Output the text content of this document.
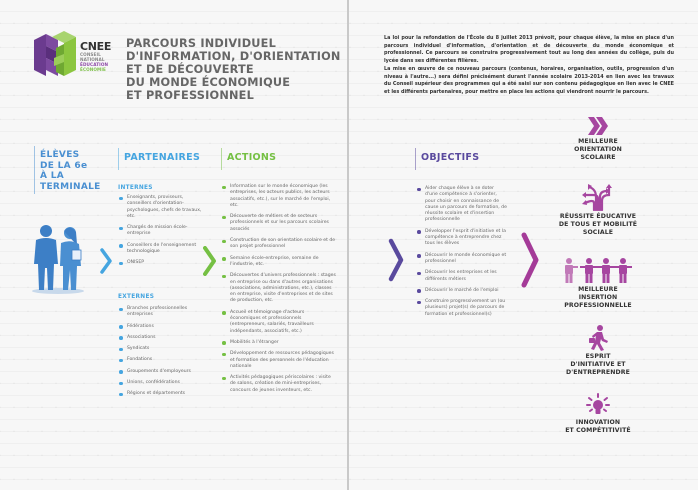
CNEE
CONSEIL
NATIONAL
ÉDUCATION
ÉCONOMIE
PARCOURS INDIVIDUEL
D'INFORMATION, D'ORIENTATION
ET DE DÉCOUVERTE
DU MONDE ÉCONOMIQUE
ET PROFESSIONNEL
ÉLÈVES
DE LA 6e
À LA
TERMINALE
PARTENAIRES
INTERNES
Enseignants, proviseurs, conseillers d'orientation-psychologues, chefs de travaux, etc.
Chargés de mission école-entreprise
Conseillers de l'enseignement technologique
ONISEP
EXTERNES
Branches professionnelles entreprises
Fédérations
Associations
Syndicats
Fondations
Groupements d'employeurs
Unions, confédérations
Régions et départements
ACTIONS
Information sur le monde économique (les entreprises, les acteurs publics, les acteurs associatifs, etc.), sur le marché de l'emploi, etc.
Découverte de métiers et de secteurs professionnels et sur les parcours scolaires associés
Construction de son orientation scolaire et de son projet professionnel
Semaine école-entreprise, semaine de l'industrie, etc.
Découvertes d'univers professionnels : stages en entreprise ou dans d'autres organisations (associations, administrations, etc.), classes en entreprise, visite d'entreprises et de sites de production, etc.
Accueil et témoignage d'acteurs économiques et professionnels (entrepreneurs, salariés, travailleurs indépendants, associatifs, etc.)
Mobilités à l'étranger
Développement de ressources pédagogiques et formation des personnels de l'éducation nationale
Activités pédagogiques périscolaires : visite de salons, création de mini-entreprises, concours de jeunes inventeurs, etc.

La loi pour la refondation de l'École du 8 juillet 2013 prévoit, pour chaque élève, la mise en place d'un parcours individuel d'information, d'orientation et de découverte du monde économique et professionnel. Ce parcours se construira progressivement tout au long des années du collège, puis du lycée dans ses différentes filières.

La mise en œuvre de ce nouveau parcours (contenus, horaires, organisation, outils, progression d'un niveau à l'autre...) sera défini précisément durant l'année scolaire 2013-2014 en lien avec les travaux du Conseil supérieur des programmes qui a été saisi sur son contenu pédagogique en lien avec le CNEE et les différents partenaires, pour mettre en place les actions qui viendront nourrir le parcours.

OBJECTIFS
Aider chaque élève à se doter d'une compétence à s'orienter, pour choisir en connaissance de cause un parcours de formation, de réussite scolaire et d'insertion professionnelle
Développer l'esprit d'initiative et la compétence à entreprendre chez tous les élèves
Découvrir le monde économique et professionnel
Découvrir les entreprises et les différents métiers
Découvrir le marché de l'emploi
Construire progressivement un (ou plusieurs) projet(s) de parcours de formation et professionnel(s)
MEILLEURE
ORIENTATION
SCOLAIRE
RÉUSSITE ÉDUCATIVE
DE TOUS ET MOBILITÉ
SOCIALE
MEILLEURE
INSERTION
PROFESSIONNELLE
ESPRIT
D'INITIATIVE ET
D'ENTREPRENDRE
INNOVATION
ET COMPÉTITIVITÉ
